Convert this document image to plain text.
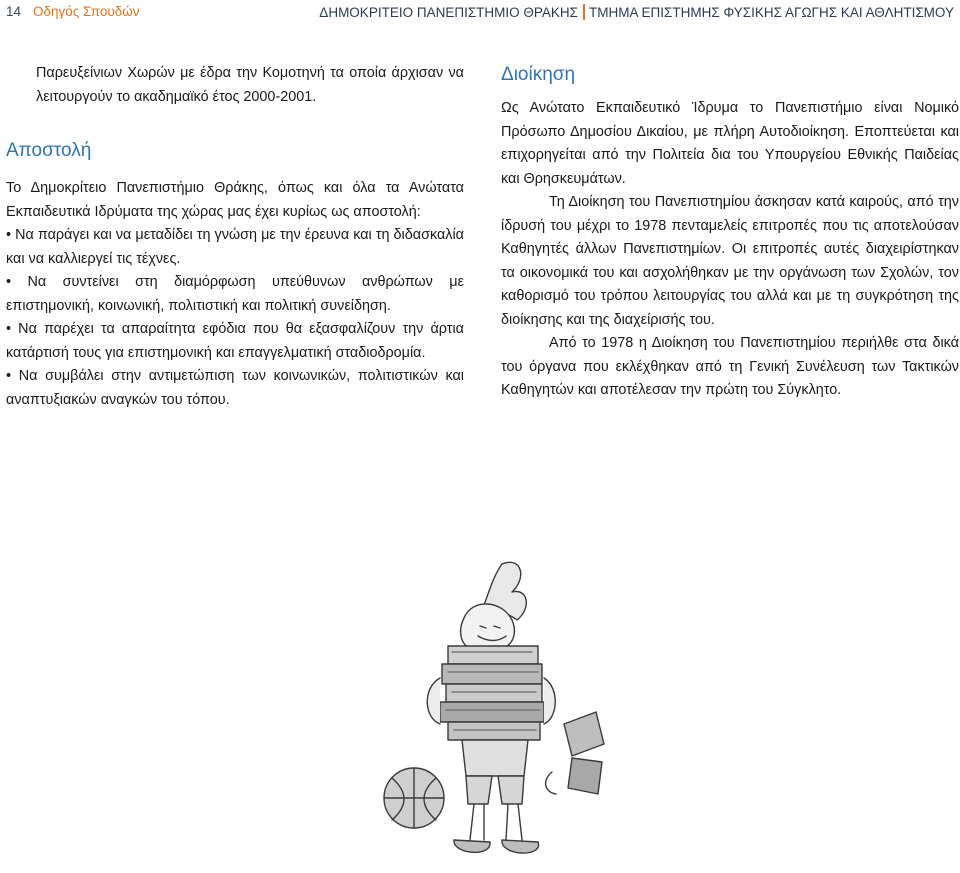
14 Οδηγός Σπουδών	ΔΗΜΟΚΡΙΤΕΙΟ ΠΑΝΕΠΙΣΤΗΜΙΟ ΘΡΑΚΗΣ ΤΜΗΜΑ ΕΠΙΣΤΗΜΗΣ ΦΥΣΙΚΗΣ ΑΓΩΓΗΣ ΚΑΙ ΑΘΛΗΤΙΣΜΟΥ

Παρευξείνιων Χωρών με έδρα την Κομοτηνή τα οποία άρχισαν να λειτουργούν το ακαδημαϊκό έτος 2000-2001.

Αποστολή

Το Δημοκρίτειο Πανεπιστήμιο Θράκης, όπως και όλα τα Ανώτατα Εκπαιδευτικά Ιδρύματα της χώρας μας έχει κυρίως ως αποστολή:

• Να παράγει και να μεταδίδει τη γνώση με την έρευνα και τη διδασκαλία και να καλλιεργεί τις τέχνες.

• Να συντείνει στη διαμόρφωση υπεύθυνων ανθρώπων με επιστημονική, κοινωνική, πολιτιστική και πολιτική συνείδηση.

• Να παρέχει τα απαραίτητα εφόδια που θα εξασφαλίζουν την άρτια κατάρτισή τους για επιστημονική και επαγγελματική σταδιοδρομία.

• Να συμβάλει στην αντιμετώπιση των κοινωνικών, πολιτιστικών και αναπτυξιακών αναγκών του τόπου.

Διοίκηση

Ως Ανώτατο Εκπαιδευτικό Ίδρυμα το Πανεπιστήμιο είναι Νομικό Πρόσωπο Δημοσίου Δικαίου, με πλήρη Αυτοδιοίκηση. Εποπτεύεται και επιχορηγείται από την Πολιτεία δια του Υπουργείου Εθνικής Παιδείας και Θρησκευμάτων.

Τη Διοίκηση του Πανεπιστημίου άσκησαν κατά καιρούς, από την ίδρυσή του μέχρι το 1978 πενταμελείς επιτροπές που τις αποτελούσαν Καθηγητές άλλων Πανεπιστημίων. Οι επιτροπές αυτές διαχειρίστηκαν τα οικονομικά του και ασχολήθηκαν με την οργάνωση των Σχολών, τον καθορισμό του τρόπου λειτουργίας του αλλά και με τη συγκρότηση της διοίκησης και της διαχείρισής του.

Από το 1978 η Διοίκηση του Πανεπιστημίου περιήλθε στα δικά του όργανα που εκλέχθηκαν από τη Γενική Συνέλευση των Τακτικών Καθηγητών και αποτέλεσαν την πρώτη του Σύγκλητο.
